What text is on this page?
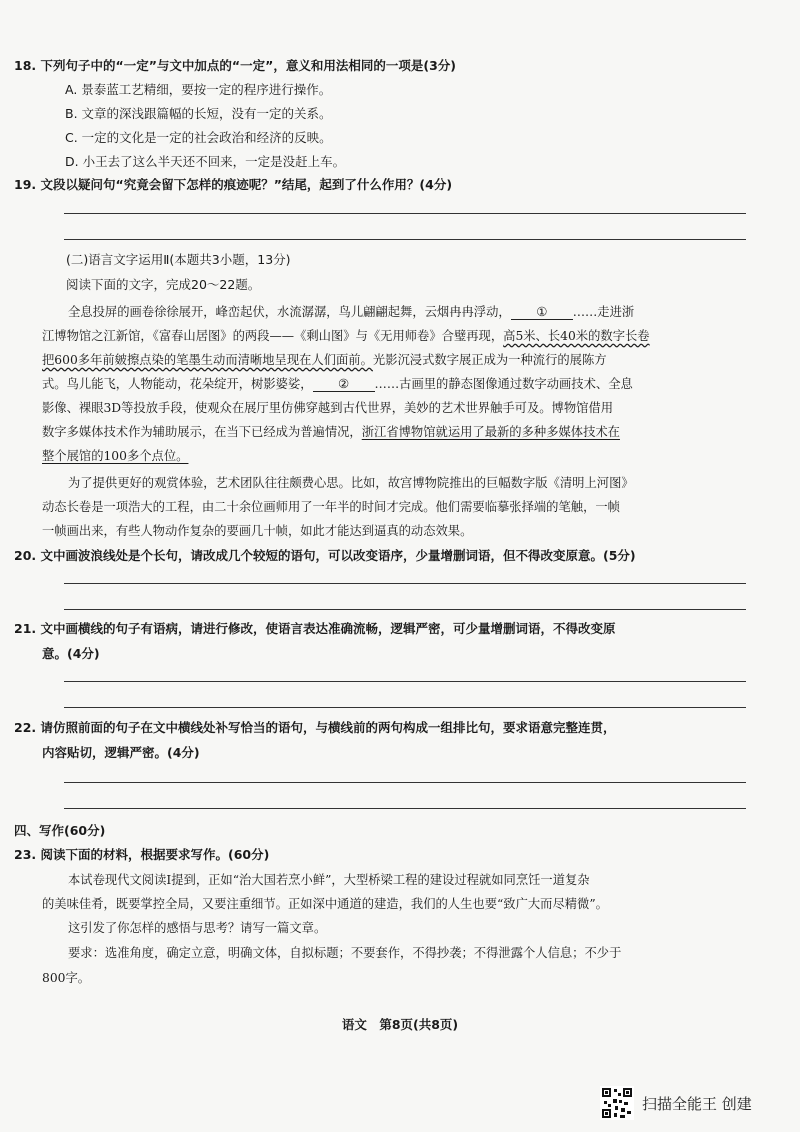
18. 下列句子中的“一定”与文中加点的“一定”，意义和用法相同的一项是(3分)
A. 景泰蓝工艺精细，要按一定的程序进行操作。
B. 文章的深浅跟篇幅的长短，没有一定的关系。
C. 一定的文化是一定的社会政治和经济的反映。
D. 小王去了这么半天还不回来，一定是没赶上车。
19. 文段以疑问句“究竟会留下怎样的痕迹呢？”结尾，起到了什么作用？(4分)
(二)语言文字运用Ⅱ(本题共3小题，13分)
阅读下面的文字，完成20～22题。
全息投屏的画卷徐徐展开，峰峦起伏，水流潺潺，鸟儿翩翩起舞，云烟冉冉浮动， ① ……走进浙
江博物馆之江新馆，《富春山居图》的两段——《剩山图》与《无用师卷》合璧再现，高5米、长40米的数字长卷
把600多年前皴擦点染的笔墨生动而清晰地呈现在人们面前。光影沉浸式数字展正成为一种流行的展陈方
式。鸟儿能飞，人物能动，花朵绽开，树影婆娑， ② ……古画里的静态图像通过数字动画技术、全息
影像、裸眼3D等投放手段，使观众在展厅里仿佛穿越到古代世界，美妙的艺术世界触手可及。博物馆借用
数字多媒体技术作为辅助展示，在当下已经成为普遍情况，浙江省博物馆就运用了最新的多种多媒体技术在
整个展馆的100多个点位。
为了提供更好的观赏体验，艺术团队往往颇费心思。比如，故宫博物院推出的巨幅数字版《清明上河图》
动态长卷是一项浩大的工程，由二十余位画师用了一年半的时间才完成。他们需要临摹张择端的笔触，一帧
一帧画出来，有些人物动作复杂的要画几十帧，如此才能达到逼真的动态效果。
20. 文中画波浪线处是个长句，请改成几个较短的语句，可以改变语序，少量增删词语，但不得改变原意。(5分)
21. 文中画横线的句子有语病，请进行修改，使语言表达准确流畅，逻辑严密，可少量增删词语，不得改变原
意。(4分)
22. 请仿照前面的句子在文中横线处补写恰当的语句，与横线前的两句构成一组排比句，要求语意完整连贯，
内容贴切，逻辑严密。(4分)
四、写作(60分)
23. 阅读下面的材料，根据要求写作。(60分)
本试卷现代文阅读Ⅰ提到，正如“治大国若烹小鲜”，大型桥梁工程的建设过程就如同烹饪一道复杂
的美味佳肴，既要掌控全局，又要注重细节。正如深中通道的建造，我们的人生也要“致广大而尽精微”。
这引发了你怎样的感悟与思考？请写一篇文章。
要求：选准角度，确定立意，明确文体，自拟标题；不要套作，不得抄袭；不得泄露个人信息；不少于
800字。
语文　第8页(共8页)
扫描全能王 创建
